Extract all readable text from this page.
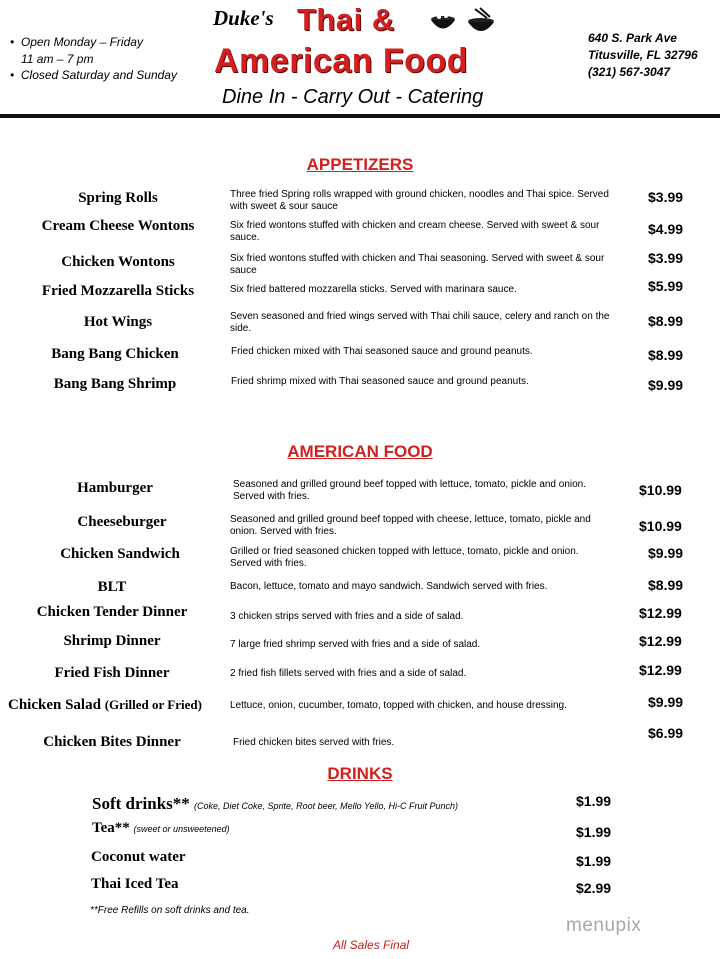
•  Open Monday – Friday
11 am – 7 pm
•  Closed Saturday and Sunday
Duke's Thai &
American Food
Dine In - Carry Out - Catering
640 S. Park Ave
Titusville, FL 32796
(321) 567-3047
APPETIZERS
Spring Rolls	Three fried Spring rolls wrapped with ground chicken, noodles and Thai spice. Served with sweet & sour sauce
$3.99
Cream Cheese Wontons	Six fried wontons stuffed with chicken and cream cheese. Served with sweet & sour sauce.
$4.99
Chicken Wontons	Six fried wontons stuffed with chicken and Thai seasoning. Served with sweet & sour sauce
$3.99
Fried Mozzarella Sticks	Six fried battered mozzarella sticks. Served with marinara sauce.	$5.99
Hot Wings	Seven seasoned and fried wings served with Thai chili sauce, celery and ranch on the side.	$8.99
Bang Bang Chicken	Fried chicken mixed with Thai seasoned sauce and ground peanuts.	$8.99
Bang Bang Shrimp	Fried shrimp mixed with Thai seasoned sauce and ground peanuts.	$9.99
AMERICAN FOOD
Hamburger	Seasoned and grilled ground beef topped with lettuce, tomato, pickle and onion. Served with fries.	$10.99
Cheeseburger	Seasoned and grilled ground beef topped with cheese, lettuce, tomato, pickle and onion. Served with fries.	$10.99
Chicken Sandwich	Grilled or fried seasoned chicken topped with lettuce, tomato, pickle and onion. Served with fries.
$9.99
BLT	Bacon, lettuce, tomato and mayo sandwich. Sandwich served with fries.	$8.99
Chicken Tender Dinner	3 chicken strips served with fries and a side of salad.	$12.99
Shrimp Dinner	7 large fried shrimp served with fries and a side of salad.	$12.99
Fried Fish Dinner	2 fried fish fillets served with fries and a side of salad.	$12.99
Chicken Salad (Grilled or Fried)	Lettuce, onion, cucumber, tomato, topped with chicken, and house dressing.	$9.99
Chicken Bites Dinner	Fried chicken bites served with fries.
$6.99
DRINKS
Soft drinks** (Coke, Diet Coke, Sprite, Root beer, Mello Yello, Hi-C Fruit Punch)	$1.99
Tea** (sweet or unsweetened)	$1.99
Coconut water	$1.99
Thai Iced Tea	$2.99
**Free Refills on soft drinks and tea.
All Sales Final
menupix
